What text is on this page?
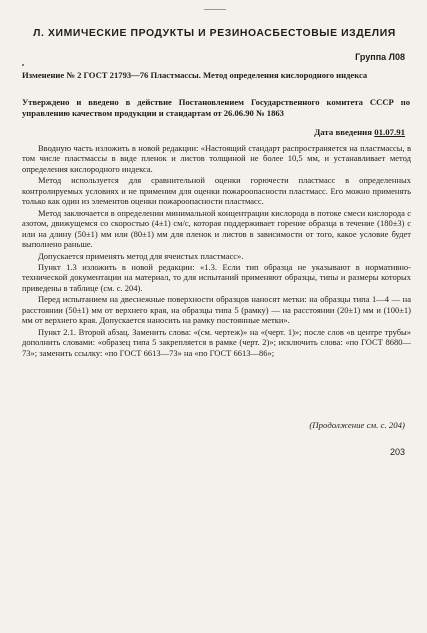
Л. ХИМИЧЕСКИЕ ПРОДУКТЫ И РЕЗИНОАСБЕСТОВЫЕ ИЗДЕЛИЯ
Группа Л08
Изменение № 2 ГОСТ 21793—76 Пластмассы. Метод определения кислородного индекса
Утверждено и введено в действие Постановлением Государственного комитета СССР по управлению качеством продукции и стандартам от 26.06.90 № 1863
Дата введения 01.07.91

Вводную часть изложить в новой редакции: «Настоящий стандарт распространяется на пластмассы, в том числе пластмассы в виде пленок и листов толщиной не более 10,5 мм, и устанавливает метод определения кислородного индекса.

Метод используется для сравнительной оценки горючести пластмасс в определенных контролируемых условиях и не применим для оценки пожароопасности пластмасс. Его можно применять только как один из элементов оценки пожароопасности пластмасс.

Метод заключается в определении минимальной концентрации кислорода в потоке смеси кислорода с азотом, движущемся со скоростью (4±1) см/с, которая поддерживает горение образца в течение (180±3) с или на длину (50±1) мм или (80±1) мм для пленок и листов в зависимости от того, какое условие будет выполнено раньше.

Допускается применять метод для ячеистых пластмасс».

Пункт 1.3 изложить в новой редакции: «1.3. Если тип образца не указывают в нормативно-технической документации на материал, то для испытаний применяют образцы, типы и размеры которых приведены в таблице (см. с. 204).

Перед испытанием на двеснежные поверхности образцов наносят метки: на образцы типа 1—4 — на расстоянии (50±1) мм от верхнего края, на образцы типа 5 (рамку) — на расстоянии (20±1) мм и (100±1) мм от верхнего края. Допускается наносить на рамку постоянные метки».

Пункт 2.1. Второй абзац. Заменить слова: «(см. чертеж)» на «(черт. 1)»; после слов «в центре трубы» дополнить словами: «образец типа 5 закрепляется в рамке (черт. 2)»; исключить слова: «по ГОСТ 8680—73»; заменить ссылку: «по ГОСТ 6613—73» на «по ГОСТ 6613—86»;

(Продолжение см. с. 204)
203
